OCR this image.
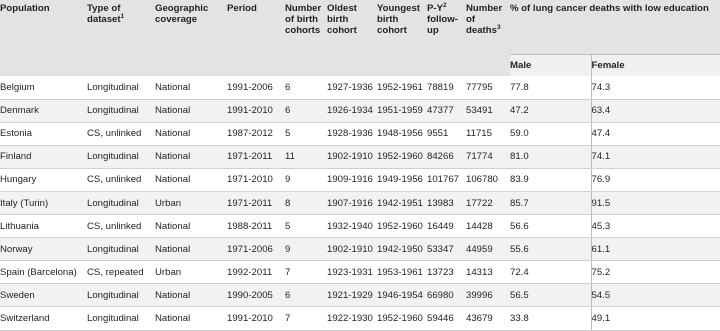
Population	Type of dataset$^1$	Geographic coverage	Period	Number of birth cohorts	Oldest birth cohort	Youngest birth cohort	$P-Y^2$ follow-up	Number of deaths$^3$	% of lung cancer deaths with low education	

									Male	Female
Belgium	Longitudinal	National	1991-2006	6	1927-1936	1952-1961	78819	77795	77.8	74.3
Denmark	Longitudinal	National	1991-2010	6	1926-1934	1951-1959	47377	53491	47.2	63.4
Estonia	CS, unlinked	National	1987-2012	5	1928-1936	1948-1956	9551	11715	59.0	47.4
Finland	Longitudinal	National	1971-2011	11	1902-1910	1952-1960	84266	71774	81.0	74.1
Hungary	CS, unlinked	National	1971-2010	9	1909-1916	1949-1956	101767	106780	83.9	76.9
Italy (Turin)	Longitudinal	Urban	1971-2011	8	1907-1916	1942-1951	13983	17722	85.7	91.5
Lithuania	CS, unlinked	National	1988-2011	5	1932-1940	1952-1960	16449	14428	56.6	45.3
Norway	Longitudinal	National	1971-2006	9	1902-1910	1942-1950	53347	44959	55.6	61.1
Spain (Barcelona)	CS, repeated	Urban	1992-2011	7	1923-1931	1953-1961	13723	14313	72.4	75.2
Sweden	Longitudinal	National	1990-2005	6	1921-1929	1946-1954	66980	39996	56.5	54.5
Switzerland	Longitudinal	National	1991-2010	7	1922-1930	1952-1960	59446	43679	33.8	49.1
